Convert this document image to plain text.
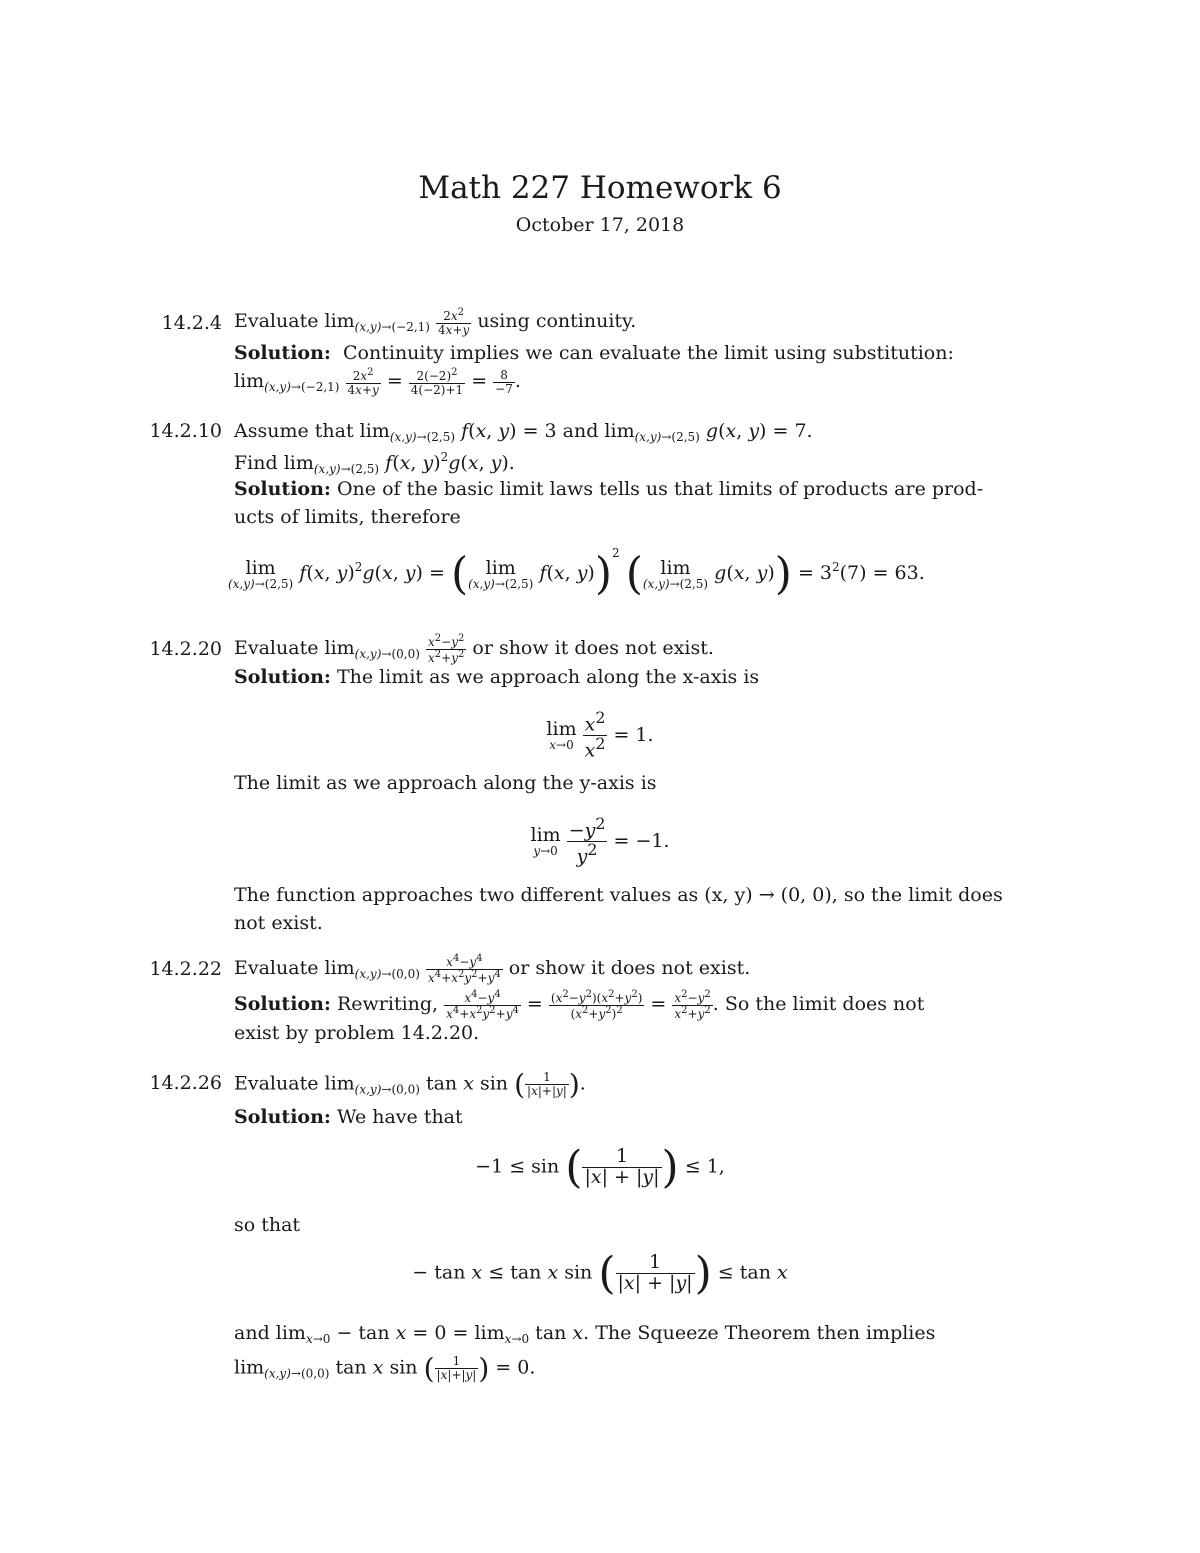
Math 227 Homework 6
October 17, 2018
14.2.4 Evaluate $\lim_{(x,y)\to(-2,1)} \frac{2x^2}{4x+y}$ using continuity.
Solution: Continuity implies we can evaluate the limit using substitution:
$\lim_{(x,y)\to(-2,1)} \frac{2x^2}{4x+y} = \frac{2(-2)^2}{4(-2)+1} = \frac{8}{-7}$ .
14.2.10 Assume that $\lim_{(x,y)\to(2,5)} f(x$, y) = 3 and $\lim_{(x,y)\to(2,5)} g(x$, y) = 7.
Find $\lim_{(x,y)\to(2,5)} f(x$, y)$^2$g(x, y).
Solution: One of the basic limit laws tells us that limits of products are prod-
ucts of limits, therefore
lim
(x,y)→(2,5) f(x, y)$^2$g(x, y) = ( lim
(x,y)→(2,5) f(x, y))$^2$ ( lim
(x,y)→(2,5) g(x, $y)) = 3^2(7) = 63$.
14.2.20 Evaluate $\lim_{(x,y)\to(0,0)} \frac{x^2-y^2}{x^2+y^2}$ or show it does not exist.
Solution: The limit as we approach along the x-axis is
lim
x→0
$\frac{x^2}{x^2} = 1$.
The limit as we approach along the y-axis is
lim
y→0
$\frac{-y^2}{y^2} = -1$.
The function approaches two different values as (x, y) → (0, 0), so the limit does
not exist.
14.2.22 Evaluate $\lim_{(x,y)\to(0,0)} \frac{x^4-y^4}{x^4+x^2y^2+y^4}$ or show it does not exist.
Solution: Rewriting, $\frac{x^4-y^4}{x^4+x^2y^2+y^4} = \frac{(x^2-y^2)(x^2+y^2)}{(x^2+y^2)^2} = \frac{x^2-y^2}{x^2+y^2}$ . So the limit does not
exist by problem 14.2.20.
14.2.26 Evaluate $\lim_{(x,y)\to(0,0)} \tan x$ sin ( $\frac{1}{|x|+|y|}$ ).
Solution: We have that
−1 ≤ sin ( $\frac{1}{|x| + |y|}$ ) ≤ 1,
so that
− tan x ≤ tan x sin ( $\frac{1}{|x| + |y|}$ ) ≤ tan x
and $\lim_{x\to 0} - \tan x = 0 = \lim_{x\to 0} \tan x$. The Squeeze Theorem then implies
$\lim_{(x,y)\to(0,0)} \tan x$ sin ( $\frac{1}{|x|+|y|}$ ) = 0.
